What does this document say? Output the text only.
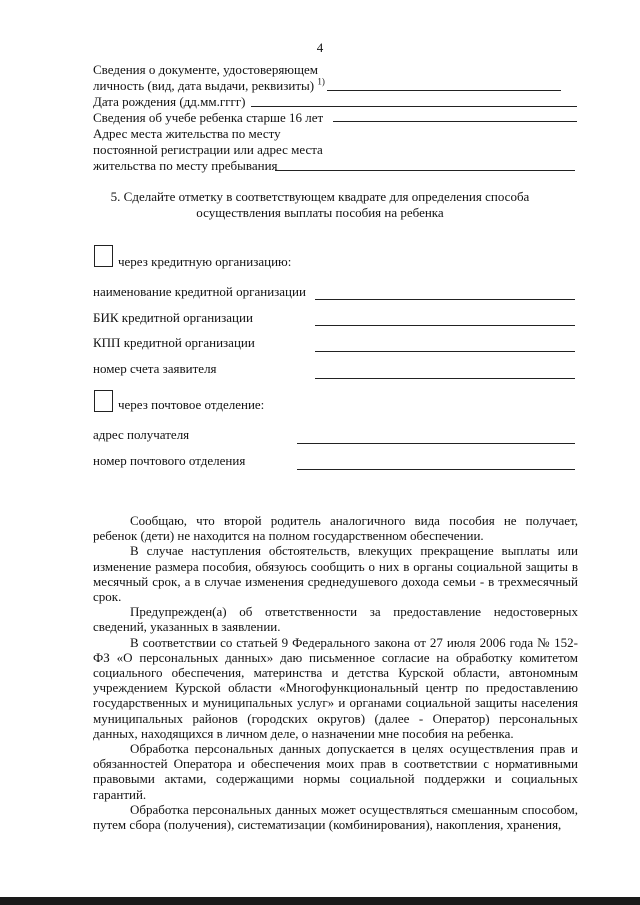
4
Сведения о документе, удостоверяющем
личность (вид, дата выдачи, реквизиты) $^{1)}$
Дата рождения (дд.мм.гггг)
Сведения об учебе ребенка старше 16 лет
Адрес места жительства по месту
постоянной регистрации или адрес места
жительства по месту пребывания
5. Сделайте отметку в соответствующем квадрате для определения способа
осуществления выплаты пособия на ребенка
через кредитную организацию:
наименование кредитной организации
БИК кредитной организации
КПП кредитной организации
номер счета заявителя
через почтовое отделение:
адрес получателя
номер почтового отделения

Сообщаю, что второй родитель аналогичного вида пособия не получает, ребенок (дети) не находится на полном государственном обеспечении.

В случае наступления обстоятельств, влекущих прекращение выплаты или изменение размера пособия, обязуюсь сообщить о них в органы социальной защиты в месячный срок, а в случае изменения среднедушевого дохода семьи - в трехмесячный срок.

Предупрежден(а) об ответственности за предоставление недостоверных сведений, указанных в заявлении.

В соответствии со статьей 9 Федерального закона от 27 июля 2006 года № 152-ФЗ «О персональных данных» даю письменное согласие на обработку комитетом социального обеспечения, материнства и детства Курской области, автономным учреждением Курской области «Многофункциональный центр по предоставлению государственных и муниципальных услуг» и органами социальной защиты населения муниципальных районов (городских округов) (далее - Оператор) персональных данных, находящихся в личном деле, о назначении мне пособия на ребенка.

Обработка персональных данных допускается в целях осуществления прав и обязанностей Оператора и обеспечения моих прав в соответствии с нормативными правовыми актами, содержащими нормы социальной поддержки и социальных гарантий.

Обработка персональных данных может осуществляться смешанным способом, путем сбора (получения), систематизации (комбинирования), накопления, хранения,
